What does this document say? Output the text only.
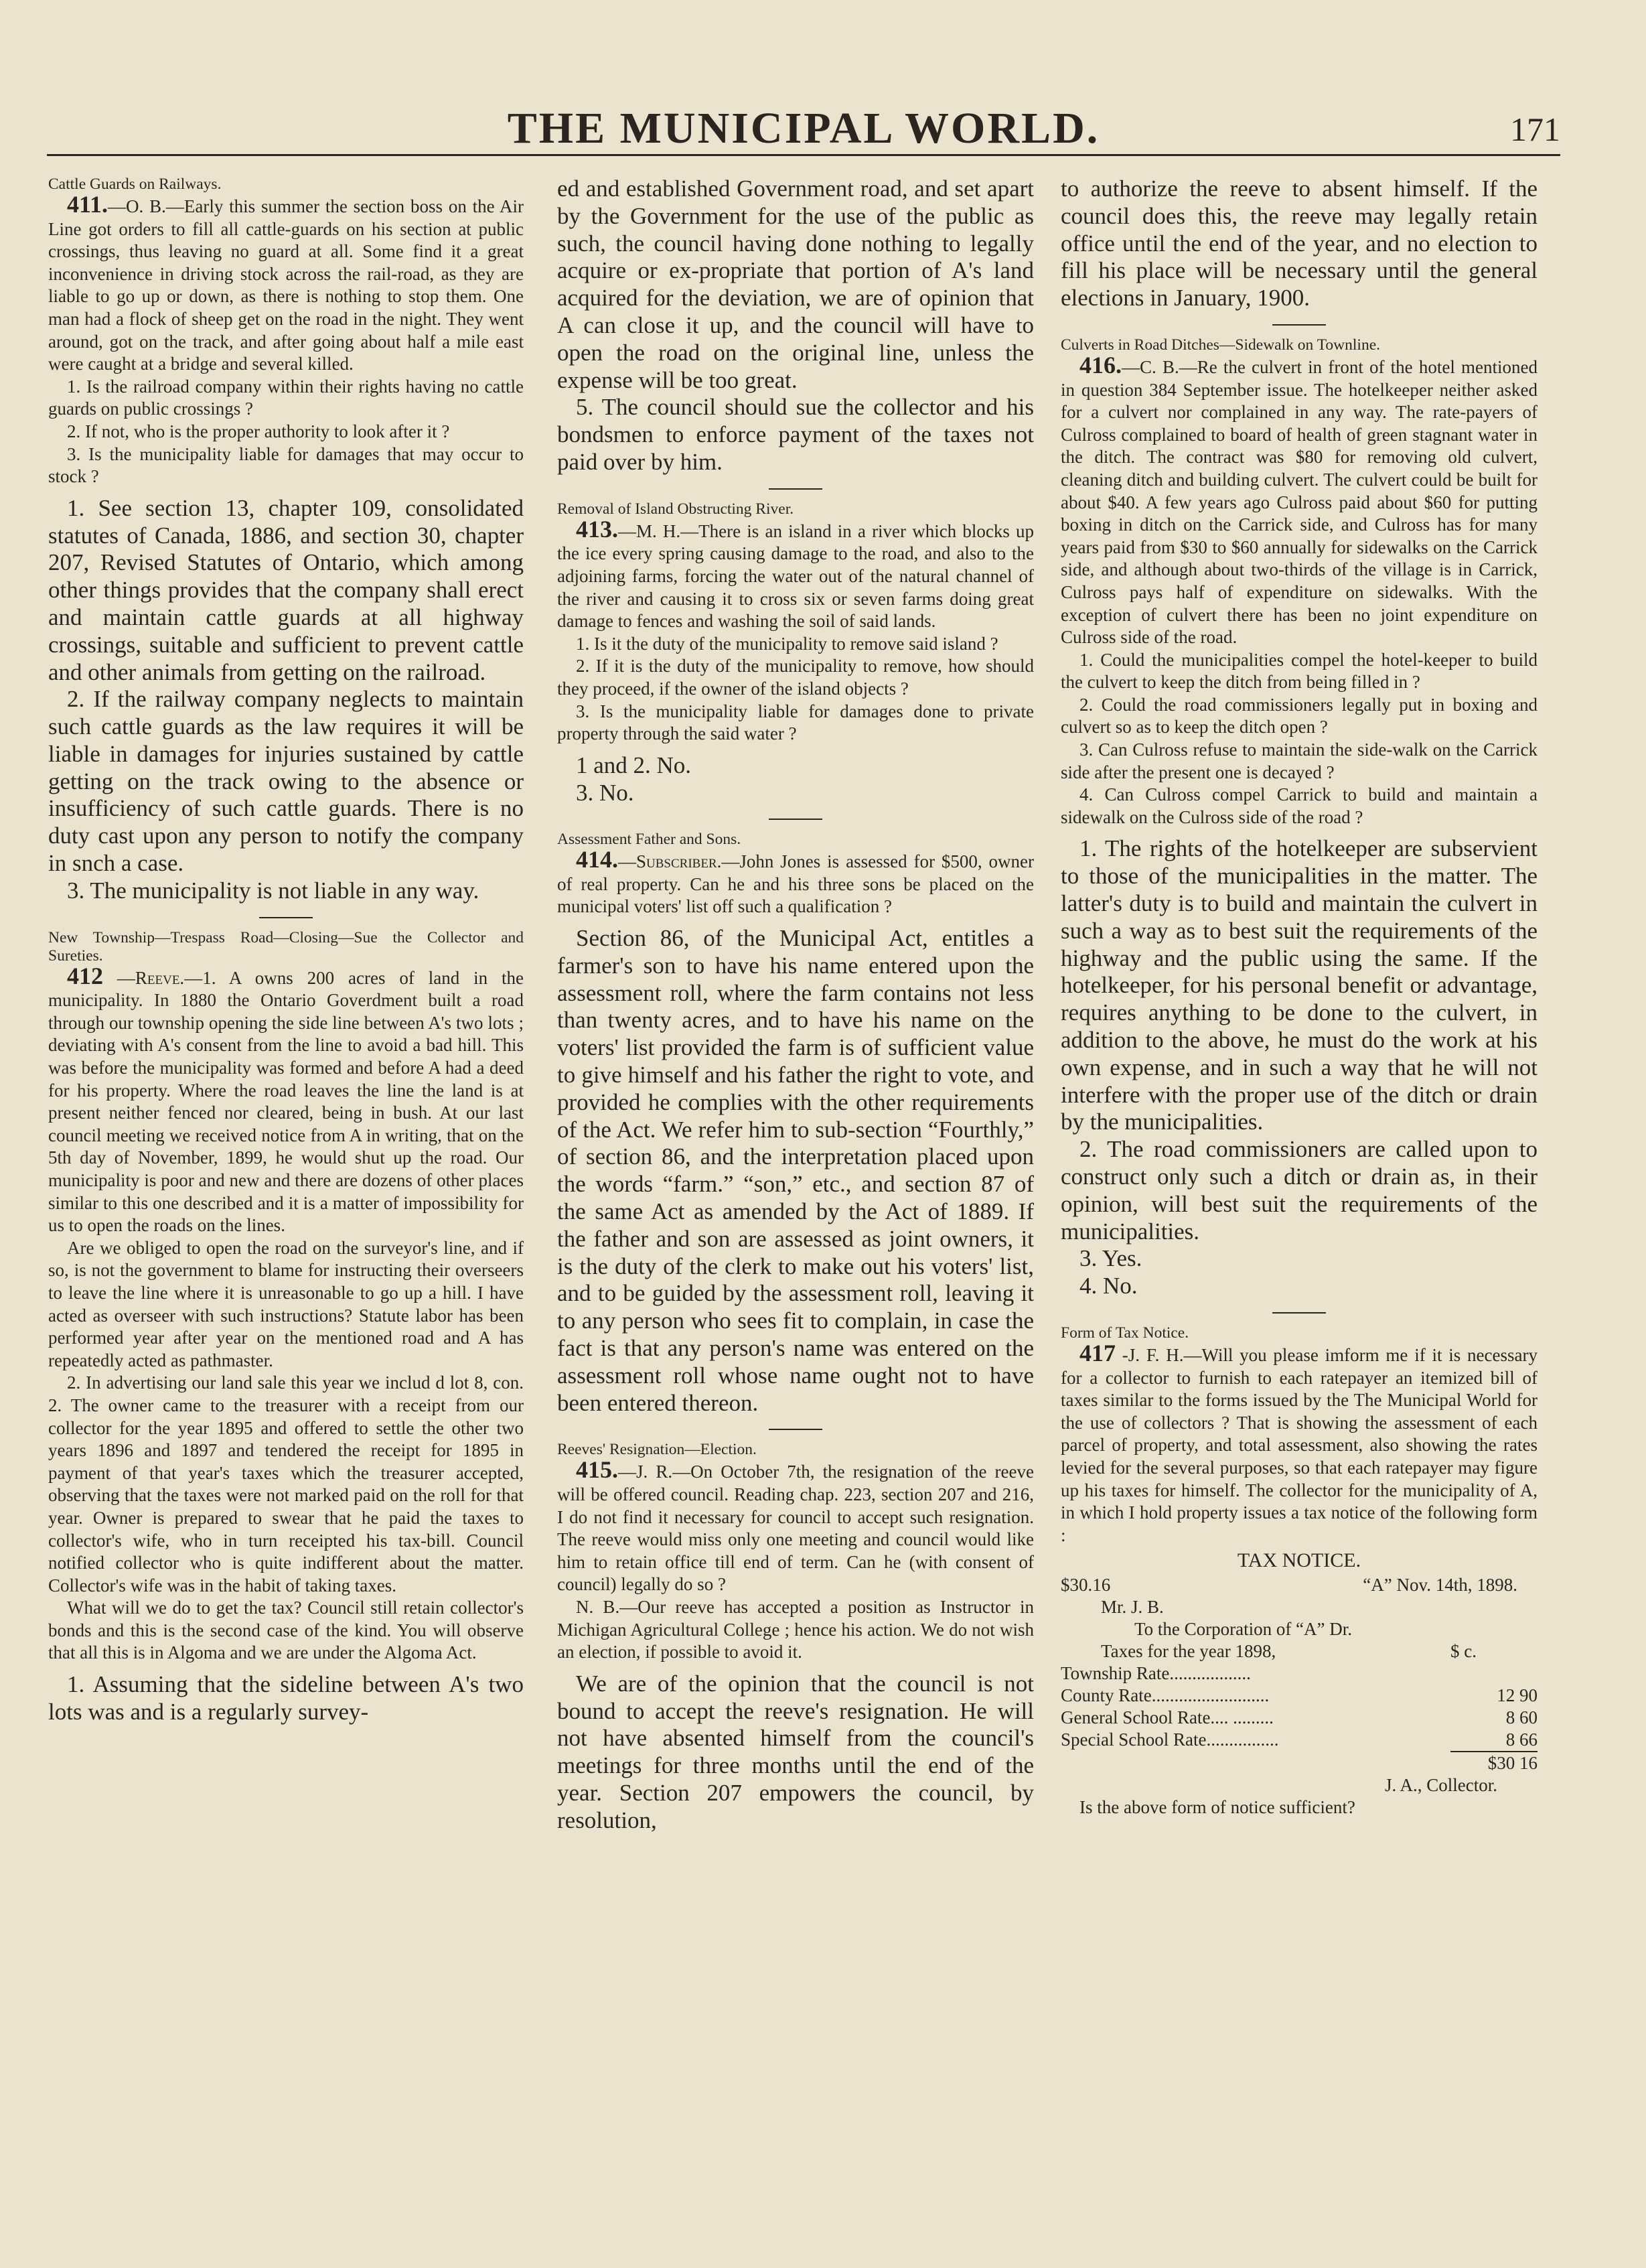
THE MUNICIPAL WORLD.	171

Cattle Guards on Railways.

411.—O. B.—Early this summer the section boss on the Air Line got orders to fill all cattle-guards on his section at public crossings, thus leaving no guard at all. Some find it a great inconvenience in driving stock across the rail-road, as they are liable to go up or down, as there is nothing to stop them. One man had a flock of sheep get on the road in the night. They went around, got on the track, and after going about half a mile east were caught at a bridge and several killed.

1. Is the railroad company within their rights having no cattle guards on public crossings ?

2. If not, who is the proper authority to look after it ?

3. Is the municipality liable for damages that may occur to stock ?

1. See section 13, chapter 109, consolidated statutes of Canada, 1886, and section 30, chapter 207, Revised Statutes of Ontario, which among other things provides that the company shall erect and maintain cattle guards at all highway crossings, suitable and sufficient to prevent cattle and other animals from getting on the railroad.

2. If the railway company neglects to maintain such cattle guards as the law requires it will be liable in damages for injuries sustained by cattle getting on the track owing to the absence or insufficiency of such cattle guards. There is no duty cast upon any person to notify the company in snch a case.

3. The municipality is not liable in any way.

New Township—Trespass Road—Closing—Sue the Collector and Sureties.

412 —Reeve.—1. A owns 200 acres of land in the municipality. In 1880 the Ontario Goverdment built a road through our township opening the side line between A's two lots ; deviating with A's consent from the line to avoid a bad hill. This was before the municipality was formed and before A had a deed for his property. Where the road leaves the line the land is at present neither fenced nor cleared, being in bush. At our last council meeting we received notice from A in writing, that on the 5th day of November, 1899, he would shut up the road. Our municipality is poor and new and there are dozens of other places similar to this one described and it is a matter of impossibility for us to open the roads on the lines.

Are we obliged to open the road on the surveyor's line, and if so, is not the government to blame for instructing their overseers to leave the line where it is unreasonable to go up a hill. I have acted as overseer with such instructions? Statute labor has been performed year after year on the mentioned road and A has repeatedly acted as pathmaster.

2. In advertising our land sale this year we includ d lot 8, con. 2. The owner came to the treasurer with a receipt from our collector for the year 1895 and offered to settle the other two years 1896 and 1897 and tendered the receipt for 1895 in payment of that year's taxes which the treasurer accepted, observing that the taxes were not marked paid on the roll for that year. Owner is prepared to swear that he paid the taxes to collector's wife, who in turn receipted his tax-bill. Council notified collector who is quite indifferent about the matter. Collector's wife was in the habit of taking taxes.

What will we do to get the tax? Council still retain collector's bonds and this is the second case of the kind. You will observe that all this is in Algoma and we are under the Algoma Act.

1. Assuming that the sideline between A's two lots was and is a regularly survey-

ed and established Government road, and set apart by the Government for the use of the public as such, the council having done nothing to legally acquire or ex-propriate that portion of A's land acquired for the deviation, we are of opinion that A can close it up, and the council will have to open the road on the original line, unless the expense will be too great.

5. The council should sue the collector and his bondsmen to enforce payment of the taxes not paid over by him.

Removal of Island Obstructing River.

413.—M. H.—There is an island in a river which blocks up the ice every spring causing damage to the road, and also to the adjoining farms, forcing the water out of the natural channel of the river and causing it to cross six or seven farms doing great damage to fences and washing the soil of said lands.

1. Is it the duty of the municipality to remove said island ?

2. If it is the duty of the municipality to remove, how should they proceed, if the owner of the island objects ?

3. Is the municipality liable for damages done to private property through the said water ?

1 and 2. No.

3. No.

Assessment Father and Sons.

414.—Subscriber.—John Jones is assessed for $500, owner of real property. Can he and his three sons be placed on the municipal voters' list off such a qualification ?

Section 86, of the Municipal Act, entitles a farmer's son to have his name entered upon the assessment roll, where the farm contains not less than twenty acres, and to have his name on the voters' list provided the farm is of sufficient value to give himself and his father the right to vote, and provided he complies with the other requirements of the Act. We refer him to sub-section “Fourthly,” of section 86, and the interpretation placed upon the words “farm.” “son,” etc., and section 87 of the same Act as amended by the Act of 1889. If the father and son are assessed as joint owners, it is the duty of the clerk to make out his voters' list, and to be guided by the assessment roll, leaving it to any person who sees fit to complain, in case the fact is that any person's name was entered on the assessment roll whose name ought not to have been entered thereon.

Reeves' Resignation—Election.

415.—J. R.—On October 7th, the resignation of the reeve will be offered council. Reading chap. 223, section 207 and 216, I do not find it necessary for council to accept such resignation. The reeve would miss only one meeting and council would like him to retain office till end of term. Can he (with consent of council) legally do so ?

N. B.—Our reeve has accepted a position as Instructor in Michigan Agricultural College ; hence his action. We do not wish an election, if possible to avoid it.

We are of the opinion that the council is not bound to accept the reeve's resignation. He will not have absented himself from the council's meetings for three months until the end of the year. Section 207 empowers the council, by resolution,

to authorize the reeve to absent himself. If the council does this, the reeve may legally retain office until the end of the year, and no election to fill his place will be necessary until the general elections in January, 1900.

Culverts in Road Ditches—Sidewalk on Townline.

416.—C. B.—Re the culvert in front of the hotel mentioned in question 384 September issue. The hotelkeeper neither asked for a culvert nor complained in any way. The rate-payers of Culross complained to board of health of green stagnant water in the ditch. The contract was $80 for removing old culvert, cleaning ditch and building culvert. The culvert could be built for about $40. A few years ago Culross paid about $60 for putting boxing in ditch on the Carrick side, and Culross has for many years paid from $30 to $60 annually for sidewalks on the Carrick side, and although about two-thirds of the village is in Carrick, Culross pays half of expenditure on sidewalks. With the exception of culvert there has been no joint expenditure on Culross side of the road.

1. Could the municipalities compel the hotel-keeper to build the culvert to keep the ditch from being filled in ?

2. Could the road commissioners legally put in boxing and culvert so as to keep the ditch open ?

3. Can Culross refuse to maintain the side-walk on the Carrick side after the present one is decayed ?

4. Can Culross compel Carrick to build and maintain a sidewalk on the Culross side of the road ?

1. The rights of the hotelkeeper are subservient to those of the municipalities in the matter. The latter's duty is to build and maintain the culvert in such a way as to best suit the requirements of the highway and the public using the same. If the hotelkeeper, for his personal benefit or advantage, requires anything to be done to the culvert, in addition to the above, he must do the work at his own expense, and in such a way that he will not interfere with the proper use of the ditch or drain by the municipalities.

2. The road commissioners are called upon to construct only such a ditch or drain as, in their opinion, will best suit the requirements of the municipalities.

3. Yes.

4. No.

Form of Tax Notice.

417 -J. F. H.—Will you please imform me if it is necessary for a collector to furnish to each ratepayer an itemized bill of taxes similar to the forms issued by the The Municipal World for the use of collectors ? That is showing the assessment of each parcel of property, and total assessment, also showing the rates levied for the several purposes, so that each ratepayer may figure up his taxes for himself. The collector for the municipality of A, in which I hold property issues a tax notice of the following form :

TAX NOTICE.
$30.16	“A” Nov. 14th, 1898.
Mr. J. B.
To the Corporation of “A” Dr.
Taxes for the year 1898,	$ c.
Township Rate..................
County Rate..........................	12 90
General School Rate.... .........	8 60
Special School Rate................	8 66
$30 16
J. A., Collector.

Is the above form of notice sufficient?
